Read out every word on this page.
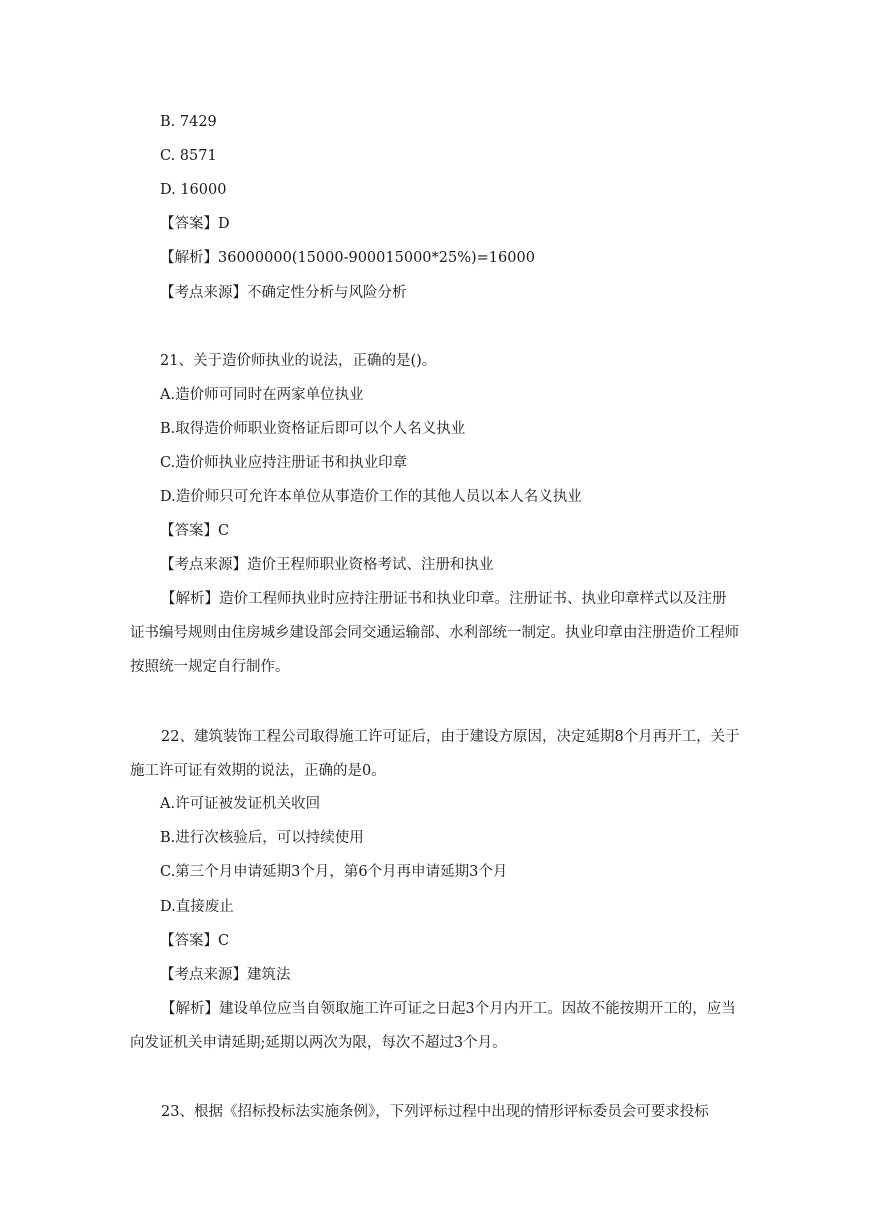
B. 7429
C. 8571
D. 16000
【答案】D
【解析】36000000(15000-900015000*25%)=16000
【考点来源】不确定性分析与风险分析
21、关于造价师执业的说法，正确的是()。
A.造价师可同时在两家单位执业
B.取得造价师职业资格证后即可以个人名义执业
C.造价师执业应持注册证书和执业印章
D.造价师只可允许本单位从事造价工作的其他人员以本人名义执业
【答案】C
【考点来源】造价王程师职业资格考试、注册和执业
【解析】造价工程师执业时应持注册证书和执业印章。注册证书、执业印章样式以及注册证书编号规则由住房城乡建设部会同交通运输部、水利部统一制定。执业印章由注册造价工程师按照统一规定自行制作。
22、建筑装饰工程公司取得施工许可证后，由于建设方原因，决定延期8个月再开工，关于施工许可证有效期的说法，正确的是0。
A.许可证被发证机关收回
B.进行次核验后，可以持续使用
C.第三个月申请延期3个月，第6个月再申请延期3个月
D.直接废止
【答案】C
【考点来源】建筑法
【解析】建设单位应当自领取施工许可证之日起3个月内开工。因故不能按期开工的，应当向发证机关申请延期;延期以两次为限，每次不超过3个月。
23、根据《招标投标法实施条例》，下列评标过程中出现的情形评标委员会可要求投标
